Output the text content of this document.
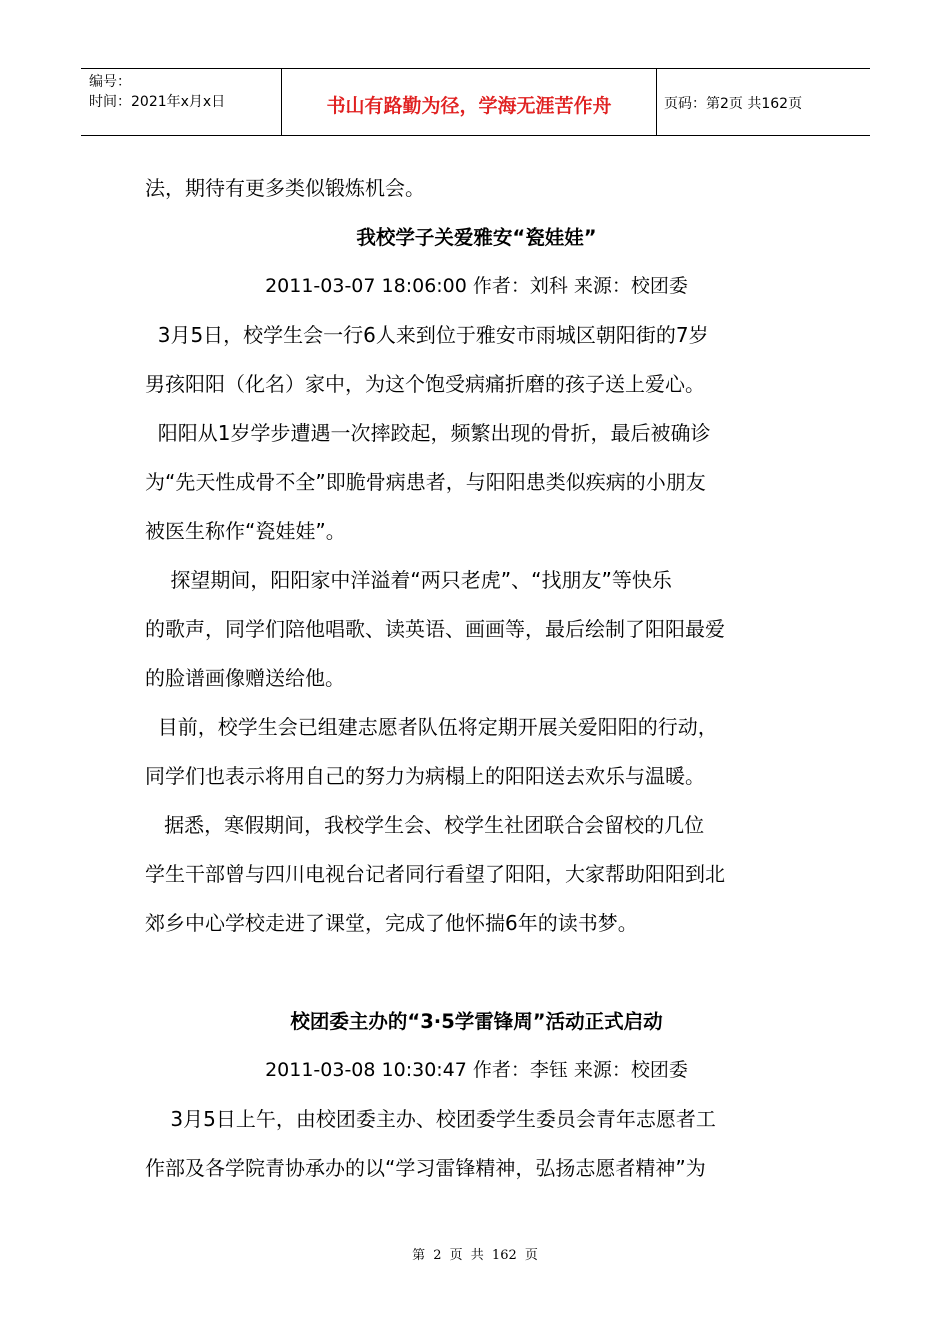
编号：
时间：2021年x月x日	书山有路勤为径，学海无涯苦作舟	页码：第2页 共162页

法，期待有更多类似锻炼机会。

我校学子关爱雅安“瓷娃娃”

2011-03-07 18:06:00 作者：刘科 来源：校团委

3月5日，校学生会一行6人来到位于雅安市雨城区朝阳街的7岁

男孩阳阳（化名）家中，为这个饱受病痛折磨的孩子送上爱心。

阳阳从1岁学步遭遇一次摔跤起，频繁出现的骨折，最后被确诊

为“先天性成骨不全”即脆骨病患者，与阳阳患类似疾病的小朋友

被医生称作“瓷娃娃”。

探望期间，阳阳家中洋溢着“两只老虎”、“找朋友”等快乐

的歌声，同学们陪他唱歌、读英语、画画等，最后绘制了阳阳最爱

的脸谱画像赠送给他。

目前，校学生会已组建志愿者队伍将定期开展关爱阳阳的行动，

同学们也表示将用自己的努力为病榻上的阳阳送去欢乐与温暖。

据悉，寒假期间，我校学生会、校学生社团联合会留校的几位

学生干部曾与四川电视台记者同行看望了阳阳，大家帮助阳阳到北

郊乡中心学校走进了课堂，完成了他怀揣6年的读书梦。

校团委主办的“3·5学雷锋周”活动正式启动

2011-03-08 10:30:47 作者：李钰 来源：校团委

3月5日上午，由校团委主办、校团委学生委员会青年志愿者工

作部及各学院青协承办的以“学习雷锋精神，弘扬志愿者精神”为

第 2 页 共 162 页
